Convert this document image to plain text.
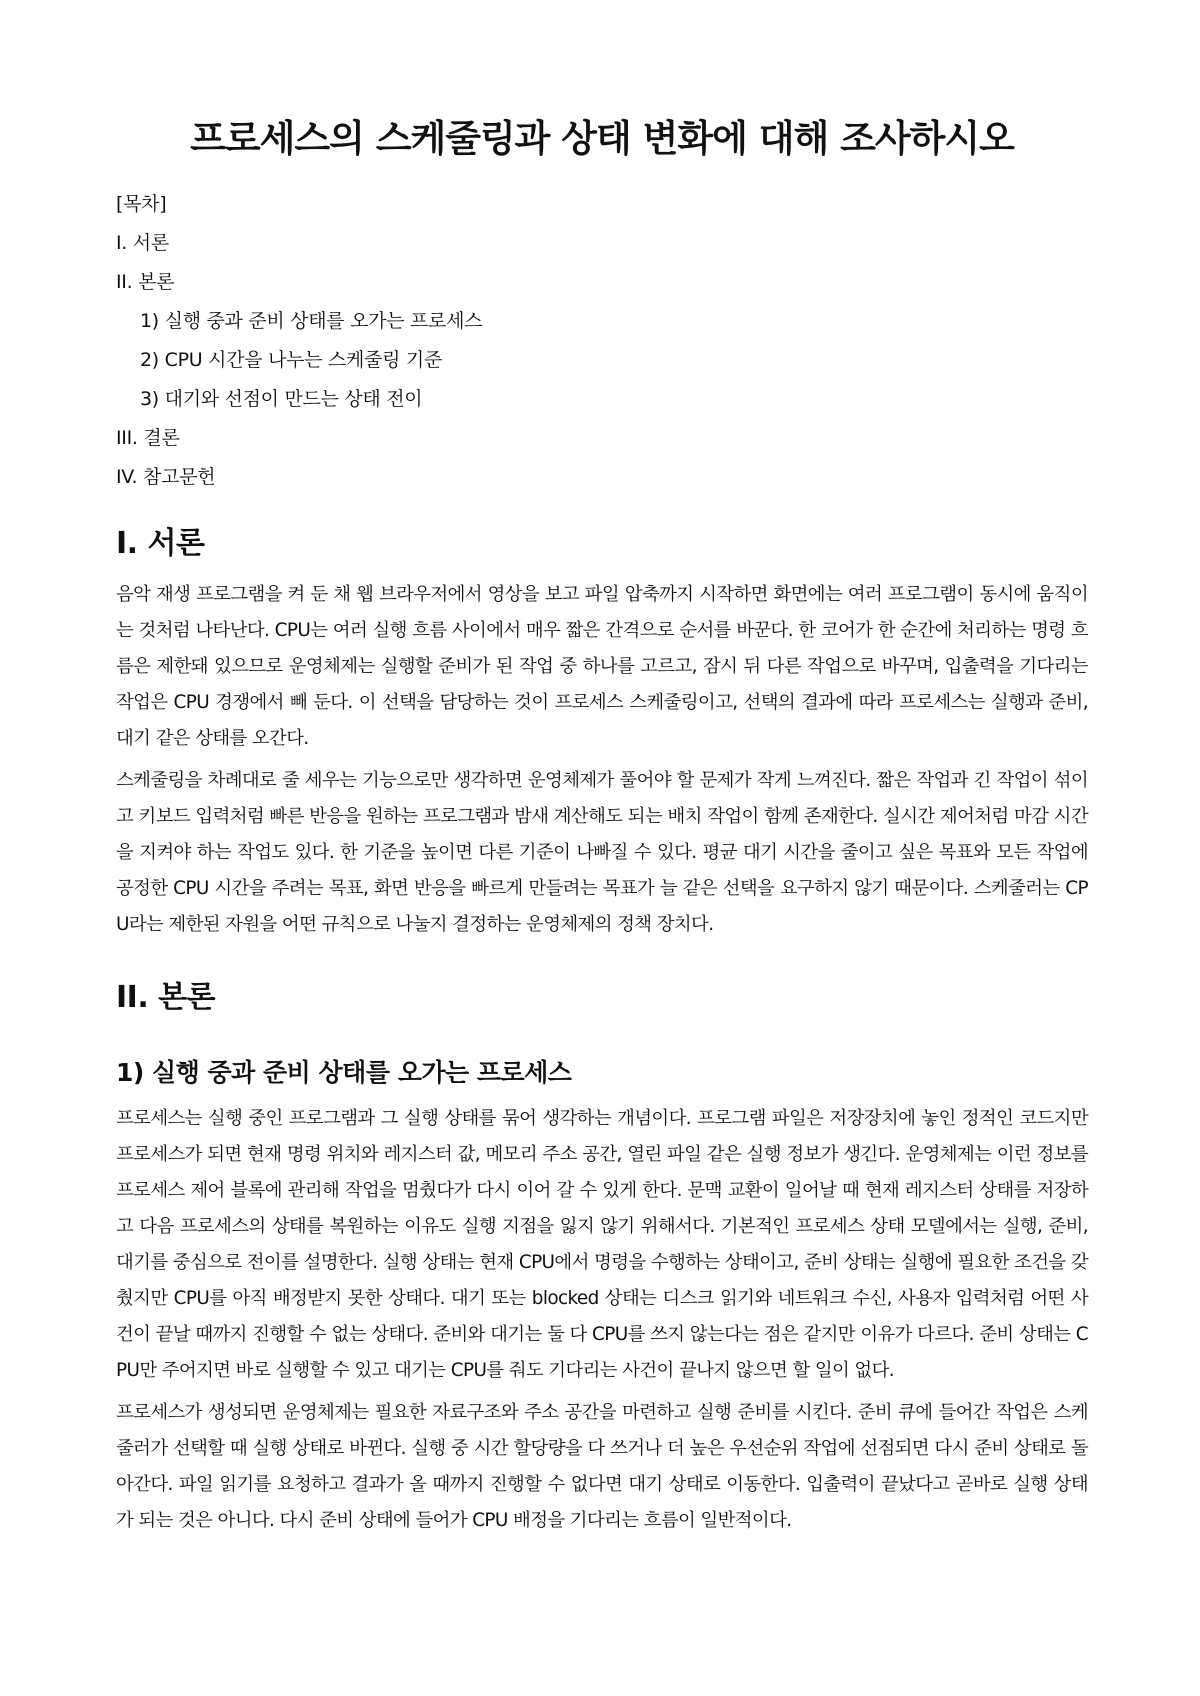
프로세스의 스케줄링과 상태 변화에 대해 조사하시오

[목차]

I. 서론

II. 본론

1) 실행 중과 준비 상태를 오가는 프로세스

2) CPU 시간을 나누는 스케줄링 기준

3) 대기와 선점이 만드는 상태 전이

III. 결론

IV. 참고문헌

I. 서론

음악 재생 프로그램을 켜 둔 채 웹 브라우저에서 영상을 보고 파일 압축까지 시작하면 화면에는 여러 프로그램이 동시에 움직이는 것처럼 나타난다. CPU는 여러 실행 흐름 사이에서 매우 짧은 간격으로 순서를 바꾼다. 한 코어가 한 순간에 처리하는 명령 흐름은 제한돼 있으므로 운영체제는 실행할 준비가 된 작업 중 하나를 고르고, 잠시 뒤 다른 작업으로 바꾸며, 입출력을 기다리는 작업은 CPU 경쟁에서 빼 둔다. 이 선택을 담당하는 것이 프로세스 스케줄링이고, 선택의 결과에 따라 프로세스는 실행과 준비, 대기 같은 상태를 오간다.

스케줄링을 차례대로 줄 세우는 기능으로만 생각하면 운영체제가 풀어야 할 문제가 작게 느껴진다. 짧은 작업과 긴 작업이 섞이고 키보드 입력처럼 빠른 반응을 원하는 프로그램과 밤새 계산해도 되는 배치 작업이 함께 존재한다. 실시간 제어처럼 마감 시간을 지켜야 하는 작업도 있다. 한 기준을 높이면 다른 기준이 나빠질 수 있다. 평균 대기 시간을 줄이고 싶은 목표와 모든 작업에 공정한 CPU 시간을 주려는 목표, 화면 반응을 빠르게 만들려는 목표가 늘 같은 선택을 요구하지 않기 때문이다. 스케줄러는 CPU라는 제한된 자원을 어떤 규칙으로 나눌지 결정하는 운영체제의 정책 장치다.

II. 본론
1) 실행 중과 준비 상태를 오가는 프로세스

프로세스는 실행 중인 프로그램과 그 실행 상태를 묶어 생각하는 개념이다. 프로그램 파일은 저장장치에 놓인 정적인 코드지만 프로세스가 되면 현재 명령 위치와 레지스터 값, 메모리 주소 공간, 열린 파일 같은 실행 정보가 생긴다. 운영체제는 이런 정보를 프로세스 제어 블록에 관리해 작업을 멈췄다가 다시 이어 갈 수 있게 한다. 문맥 교환이 일어날 때 현재 레지스터 상태를 저장하고 다음 프로세스의 상태를 복원하는 이유도 실행 지점을 잃지 않기 위해서다. 기본적인 프로세스 상태 모델에서는 실행, 준비, 대기를 중심으로 전이를 설명한다. 실행 상태는 현재 CPU에서 명령을 수행하는 상태이고, 준비 상태는 실행에 필요한 조건을 갖췄지만 CPU를 아직 배정받지 못한 상태다. 대기 또는 blocked 상태는 디스크 읽기와 네트워크 수신, 사용자 입력처럼 어떤 사건이 끝날 때까지 진행할 수 없는 상태다. 준비와 대기는 둘 다 CPU를 쓰지 않는다는 점은 같지만 이유가 다르다. 준비 상태는 CPU만 주어지면 바로 실행할 수 있고 대기는 CPU를 줘도 기다리는 사건이 끝나지 않으면 할 일이 없다.

프로세스가 생성되면 운영체제는 필요한 자료구조와 주소 공간을 마련하고 실행 준비를 시킨다. 준비 큐에 들어간 작업은 스케줄러가 선택할 때 실행 상태로 바뀐다. 실행 중 시간 할당량을 다 쓰거나 더 높은 우선순위 작업에 선점되면 다시 준비 상태로 돌아간다. 파일 읽기를 요청하고 결과가 올 때까지 진행할 수 없다면 대기 상태로 이동한다. 입출력이 끝났다고 곧바로 실행 상태가 되는 것은 아니다. 다시 준비 상태에 들어가 CPU 배정을 기다리는 흐름이 일반적이다.
